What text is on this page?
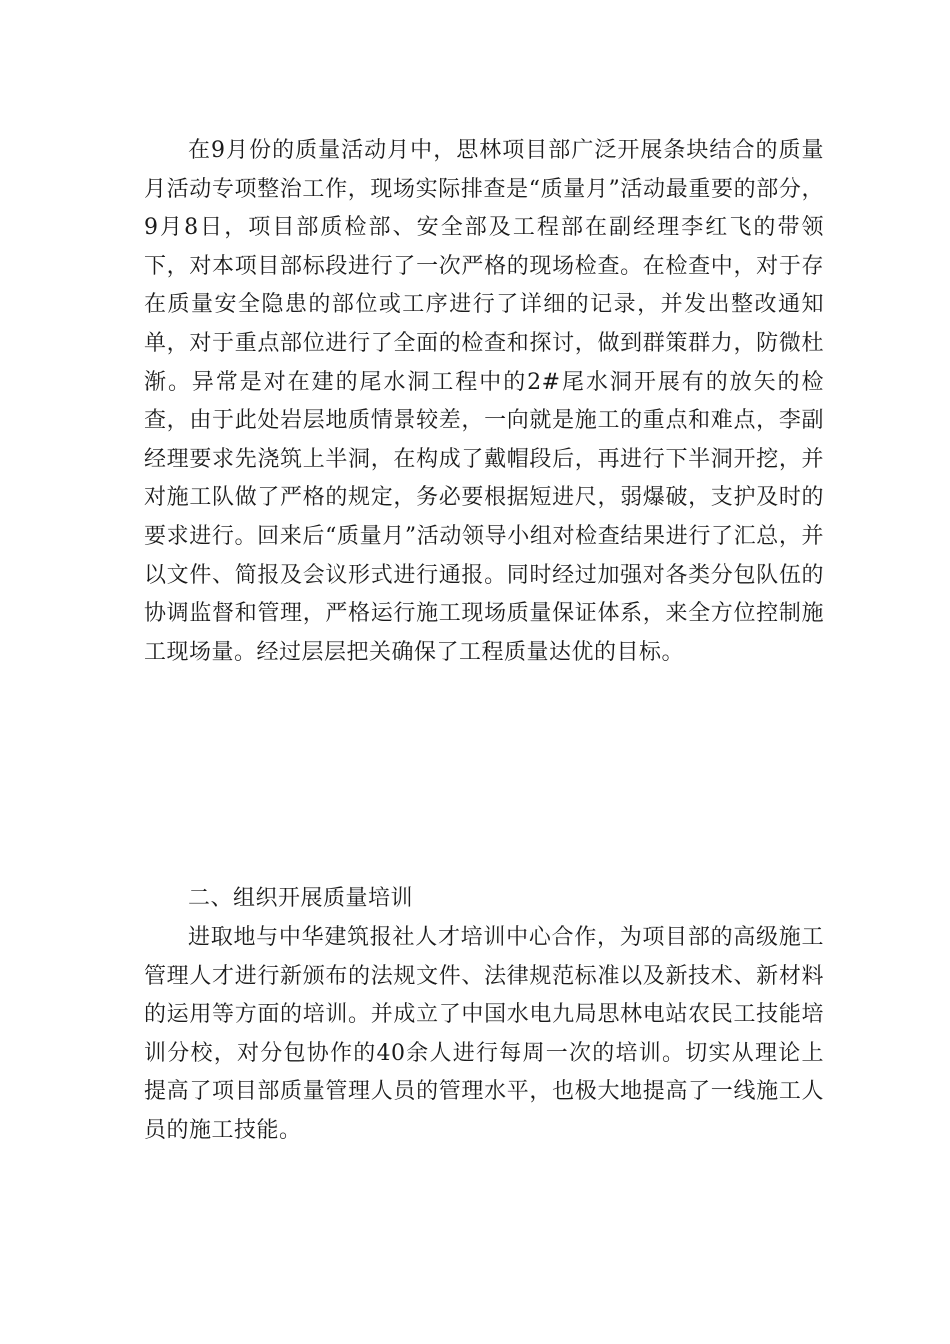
在9月份的质量活动月中，思林项目部广泛开展条块结合的质量月活动专项整治工作，现场实际排查是“质量月”活动最重要的部分，9月8日，项目部质检部、安全部及工程部在副经理李红飞的带领下，对本项目部标段进行了一次严格的现场检查。在检查中，对于存在质量安全隐患的部位或工序进行了详细的记录，并发出整改通知单，对于重点部位进行了全面的检查和探讨，做到群策群力，防微杜渐。异常是对在建的尾水洞工程中的2#尾水洞开展有的放矢的检查，由于此处岩层地质情景较差，一向就是施工的重点和难点，李副经理要求先浇筑上半洞，在构成了戴帽段后，再进行下半洞开挖，并对施工队做了严格的规定，务必要根据短进尺，弱爆破，支护及时的要求进行。回来后“质量月”活动领导小组对检查结果进行了汇总，并以文件、简报及会议形式进行通报。同时经过加强对各类分包队伍的协调监督和管理，严格运行施工现场质量保证体系，来全方位控制施工现场量。经过层层把关确保了工程质量达优的目标。

二、组织开展质量培训

进取地与中华建筑报社人才培训中心合作，为项目部的高级施工管理人才进行新颁布的法规文件、法律规范标准以及新技术、新材料的运用等方面的培训。并成立了中国水电九局思林电站农民工技能培训分校，对分包协作的40余人进行每周一次的培训。切实从理论上提高了项目部质量管理人员的管理水平，也极大地提高了一线施工人员的施工技能。
